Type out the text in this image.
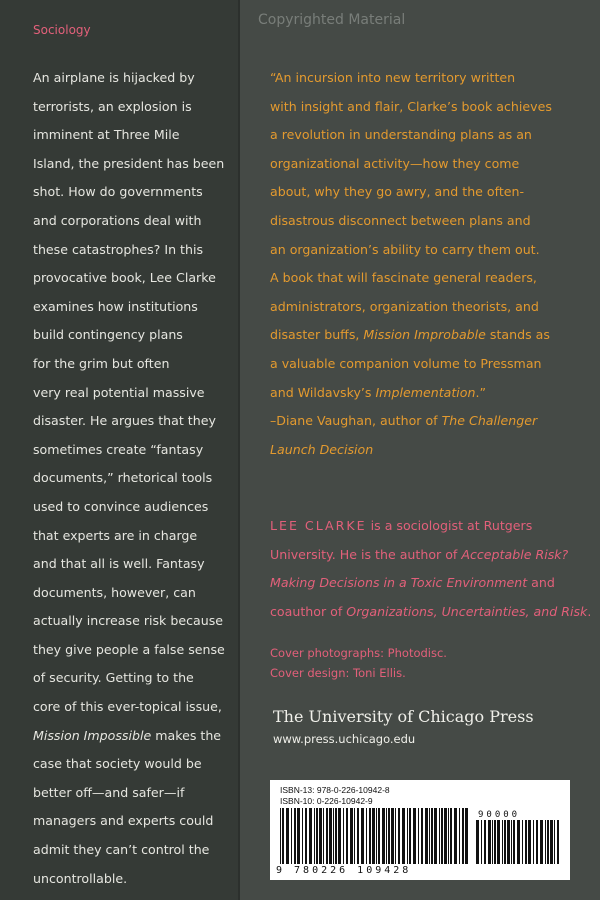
Copyrighted Material
Sociology
An airplane is hijacked by
terrorists, an explosion is
imminent at Three Mile
Island, the president has been
shot. How do governments
and corporations deal with
these catastrophes? In this
provocative book, Lee Clarke
examines how institutions
build contingency plans
for the grim but often
very real potential massive
disaster. He argues that they
sometimes create “fantasy
documents,” rhetorical tools
used to convince audiences
that experts are in charge
and that all is well. Fantasy
documents, however, can
actually increase risk because
they give people a false sense
of security. Getting to the
core of this ever-topical issue,
Mission Impossible makes the
case that society would be
better off—and safer—if
managers and experts could
admit they can’t control the
uncontrollable.
“An incursion into new territory written
with insight and flair, Clarke’s book achieves
a revolution in understanding plans as an
organizational activity—how they come
about, why they go awry, and the often-
disastrous disconnect between plans and
an organization’s ability to carry them out.
A book that will fascinate general readers,
administrators, organization theorists, and
disaster buffs, Mission Improbable stands as
a valuable companion volume to Pressman
and Wildavsky’s Implementation.”
–Diane Vaughan, author of The Challenger
Launch Decision
LEE CLARKE is a sociologist at Rutgers
University. He is the author of Acceptable Risk?
Making Decisions in a Toxic Environment and
coauthor of Organizations, Uncertainties, and Risk.
Cover photographs: Photodisc.
Cover design: Toni Ellis.
The University of Chicago Press
www.press.uchicago.edu
ISBN-13: 978-0-226-10942-8
ISBN-10: 0-226-10942-9
90000
9 780226 109428
